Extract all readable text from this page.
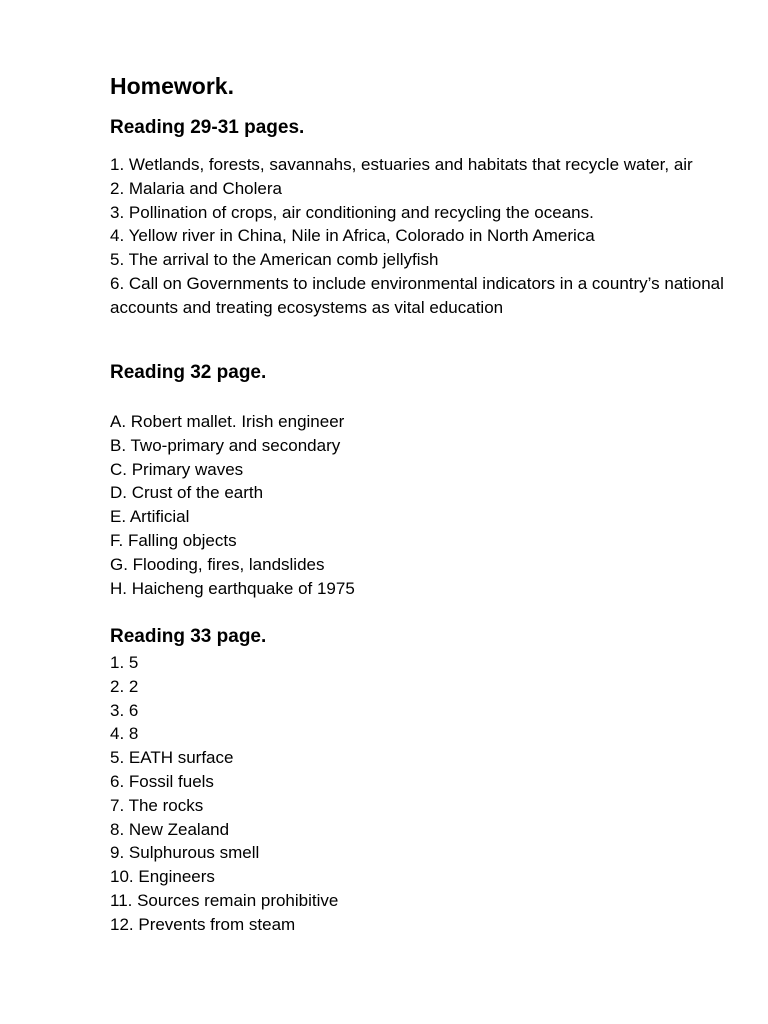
Homework.
Reading 29-31 pages.
1. Wetlands, forests, savannahs, estuaries and habitats that recycle water, air
2. Malaria and Cholera
3. Pollination of crops, air conditioning and recycling the oceans.
4. Yellow river in China, Nile in Africa, Colorado in North America
5. The arrival to the American comb jellyfish
6. Call on Governments to include environmental indicators in a country’s national accounts and treating ecosystems as vital education
Reading 32 page.
A. Robert mallet. Irish engineer
B. Two-primary and secondary
C. Primary waves
D. Crust of the earth
E. Artificial
F. Falling objects
G. Flooding, fires, landslides
H. Haicheng earthquake of 1975
Reading 33 page.
1. 5
2. 2
3. 6
4. 8
5. EATH surface
6. Fossil fuels
7. The rocks
8. New Zealand
9. Sulphurous smell
10. Engineers
11. Sources remain prohibitive
12. Prevents from steam
